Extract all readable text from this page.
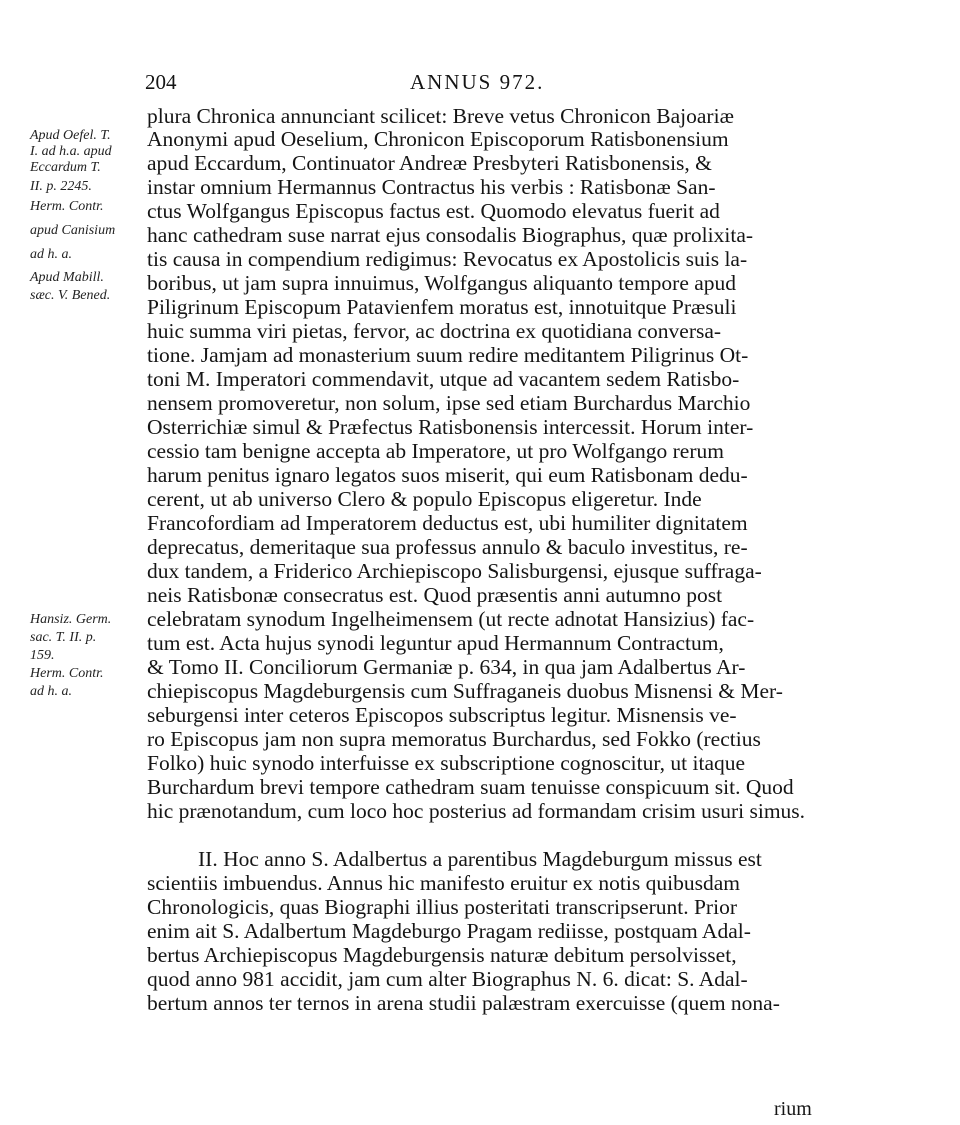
204	ANNUS 972.
Apud Oefel. T.
I. ad h.a. apud
Eccardum T.
II. p. 2245.
Herm. Contr.
apud Canisium
ad h. a.
Apud Mabill.
sæc. V. Bened.
Hansiz. Germ.
sac. T. II. p.
159.
Herm. Contr.
ad h. a.
plura Chronica annunciant scilicet: Breve vetus Chronicon Bajoariæ
Anonymi apud Oeselium, Chronicon Episcoporum Ratisbonensium
apud Eccardum, Continuator Andreæ Presbyteri Ratisbonensis, &
instar omnium Hermannus Contractus his verbis : Ratisbonæ San-
ctus Wolfgangus Episcopus factus est. Quomodo elevatus fuerit ad
hanc cathedram suse narrat ejus consodalis Biographus, quæ prolixita-
tis causa in compendium redigimus: Revocatus ex Apostolicis suis la-
boribus, ut jam supra innuimus, Wolfgangus aliquanto tempore apud
Piligrinum Episcopum Patavienfem moratus est, innotuitque Præsuli
huic summa viri pietas, fervor, ac doctrina ex quotidiana conversa-
tione. Jamjam ad monasterium suum redire meditantem Piligrinus Ot-
toni M. Imperatori commendavit, utque ad vacantem sedem Ratisbo-
nensem promoveretur, non solum, ipse sed etiam Burchardus Marchio
Osterrichiæ simul & Præfectus Ratisbonensis intercessit. Horum inter-
cessio tam benigne accepta ab Imperatore, ut pro Wolfgango rerum
harum penitus ignaro legatos suos miserit, qui eum Ratisbonam dedu-
cerent, ut ab universo Clero & populo Episcopus eligeretur. Inde
Francofordiam ad Imperatorem deductus est, ubi humiliter dignitatem
deprecatus, demeritaque sua professus annulo & baculo investitus, re-
dux tandem, a Friderico Archiepiscopo Salisburgensi, ejusque suffraga-
neis Ratisbonæ consecratus est. Quod præsentis anni autumno post
celebratam synodum Ingelheimensem (ut recte adnotat Hansizius) fac-
tum est. Acta hujus synodi leguntur apud Hermannum Contractum,
& Tomo II. Conciliorum Germaniæ p. 634, in qua jam Adalbertus Ar-
chiepiscopus Magdeburgensis cum Suffraganeis duobus Misnensi & Mer-
seburgensi inter ceteros Episcopos subscriptus legitur. Misnensis ve-
ro Episcopus jam non supra memoratus Burchardus, sed Fokko (rectius
Folko) huic synodo interfuisse ex subscriptione cognoscitur, ut itaque
Burchardum brevi tempore cathedram suam tenuisse conspicuum sit. Quod
hic prænotandum, cum loco hoc posterius ad formandam crisim usuri simus.
II. Hoc anno S. Adalbertus a parentibus Magdeburgum missus est
scientiis imbuendus. Annus hic manifesto eruitur ex notis quibusdam
Chronologicis, quas Biographi illius posteritati transcripserunt. Prior
enim ait S. Adalbertum Magdeburgo Pragam rediisse, postquam Adal-
bertus Archiepiscopus Magdeburgensis naturæ debitum persolvisset,
quod anno 981 accidit, jam cum alter Biographus N. 6. dicat: S. Adal-
bertum annos ter ternos in arena studii palæstram exercuisse (quem nona-
rium
